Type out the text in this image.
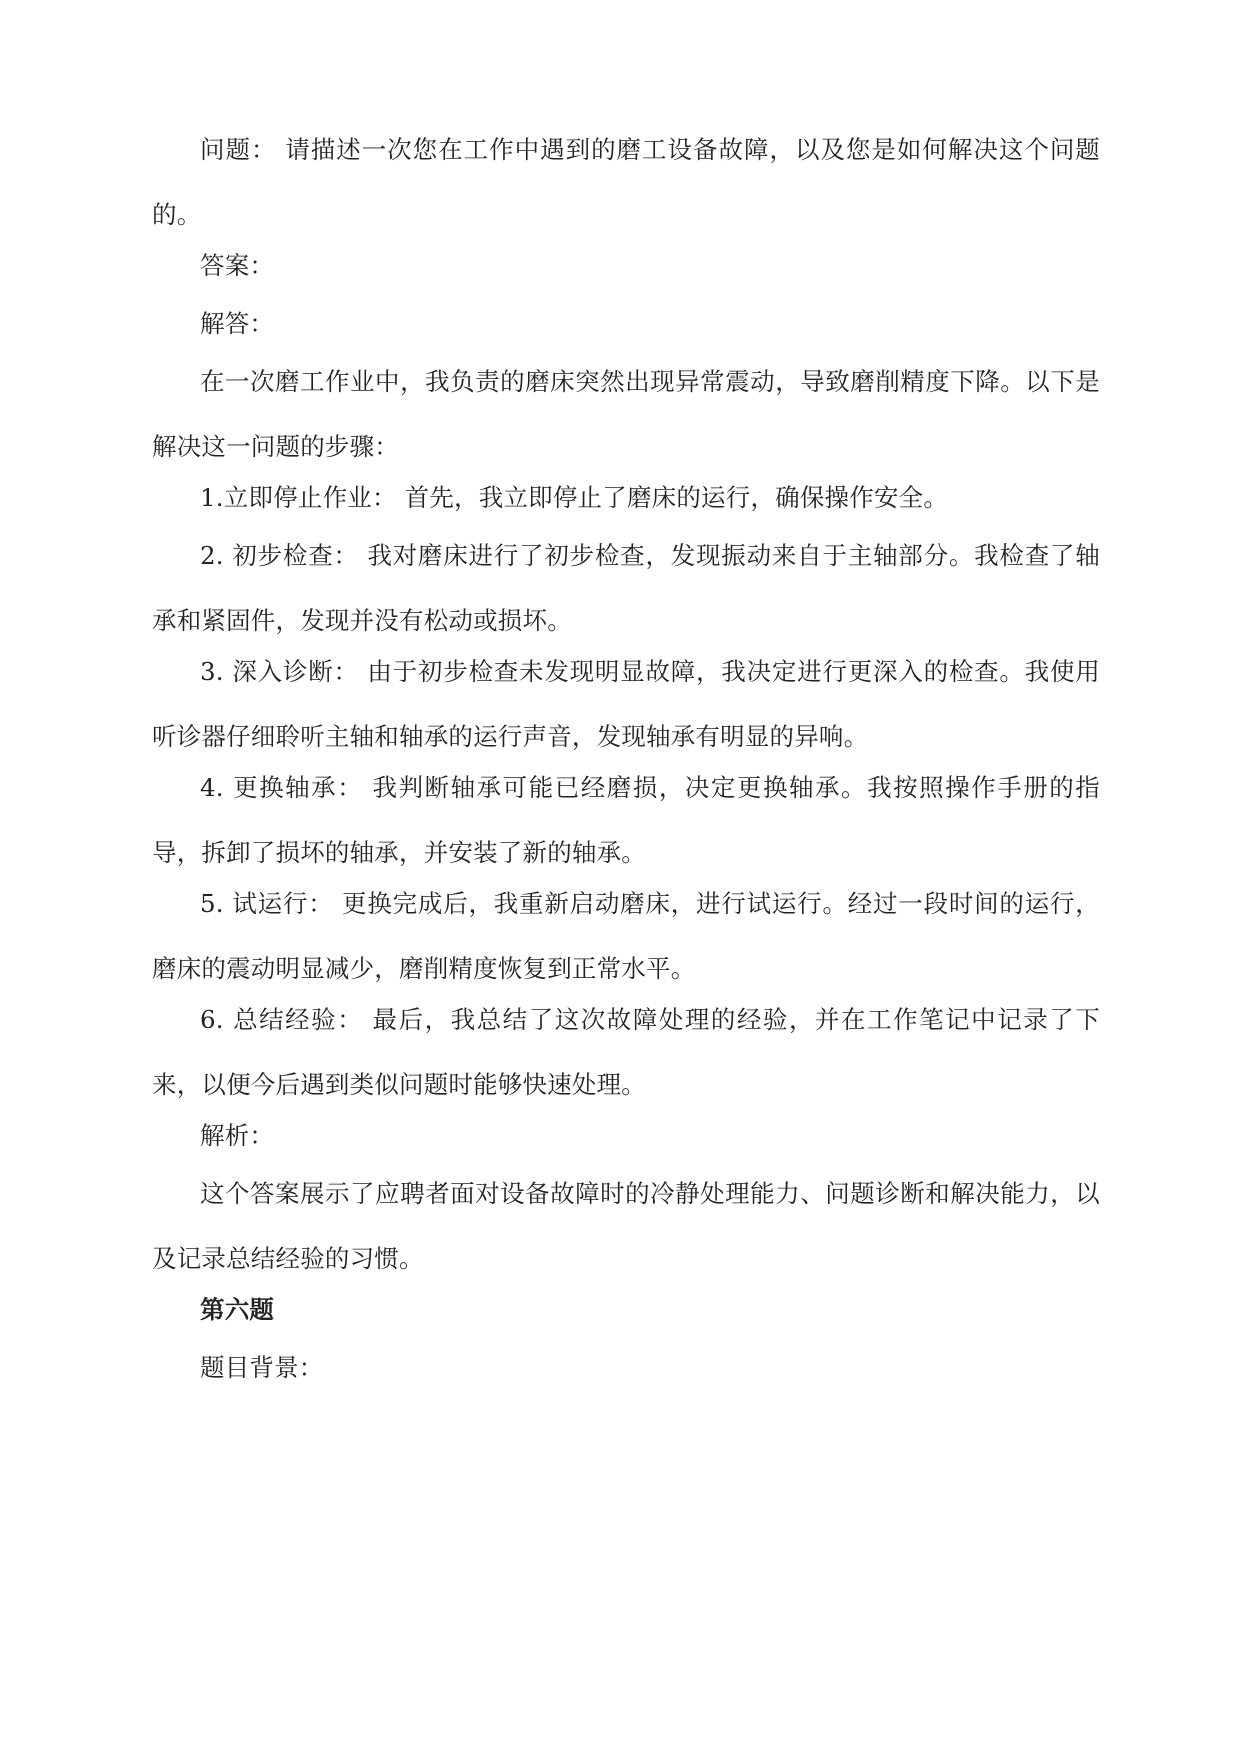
问题： 请描述一次您在工作中遇到的磨工设备故障，以及您是如何解决这个问题的。

答案：

解答：

在一次磨工作业中，我负责的磨床突然出现异常震动，导致磨削精度下降。以下是解决这一问题的步骤：

1.立即停止作业： 首先，我立即停止了磨床的运行，确保操作安全。

2. 初步检查： 我对磨床进行了初步检查，发现振动来自于主轴部分。我检查了轴承和紧固件，发现并没有松动或损坏。

3. 深入诊断： 由于初步检查未发现明显故障，我决定进行更深入的检查。我使用听诊器仔细聆听主轴和轴承的运行声音，发现轴承有明显的异响。

4. 更换轴承： 我判断轴承可能已经磨损，决定更换轴承。我按照操作手册的指导，拆卸了损坏的轴承，并安装了新的轴承。

5. 试运行： 更换完成后，我重新启动磨床，进行试运行。经过一段时间的运行，磨床的震动明显减少，磨削精度恢复到正常水平。

6. 总结经验： 最后，我总结了这次故障处理的经验，并在工作笔记中记录了下来，以便今后遇到类似问题时能够快速处理。

解析：

这个答案展示了应聘者面对设备故障时的冷静处理能力、问题诊断和解决能力，以及记录总结经验的习惯。

第六题

题目背景：
